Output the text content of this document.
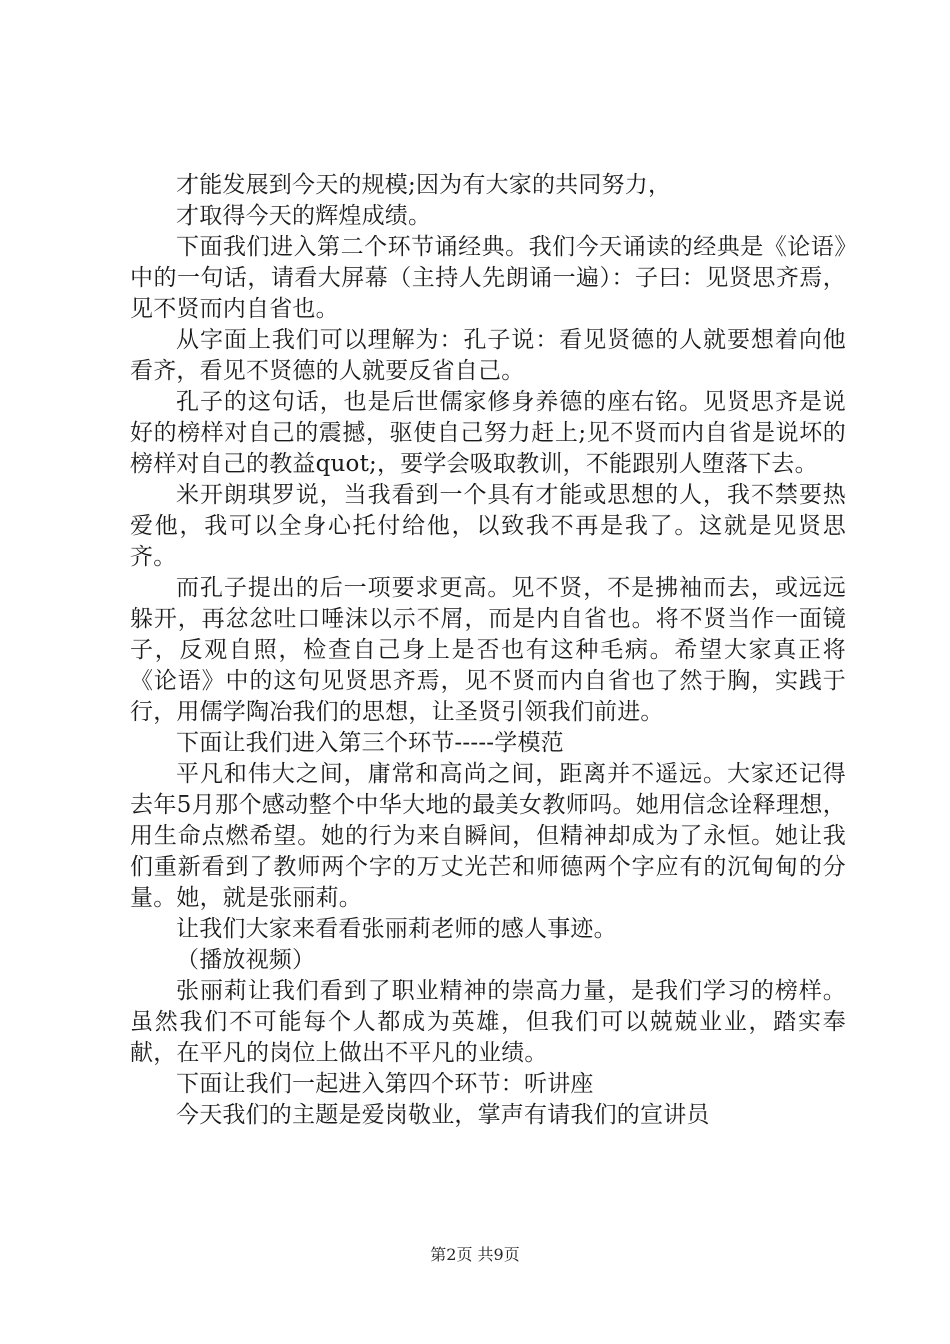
才能发展到今天的规模;因为有大家的共同努力，

才取得今天的辉煌成绩。

下面我们进入第二个环节诵经典。我们今天诵读的经典是《论语》中的一句话，请看大屏幕（主持人先朗诵一遍）：子曰：见贤思齐焉，见不贤而内自省也。

从字面上我们可以理解为：孔子说：看见贤德的人就要想着向他看齐，看见不贤德的人就要反省自己。

孔子的这句话，也是后世儒家修身养德的座右铭。见贤思齐是说好的榜样对自己的震撼，驱使自己努力赶上;见不贤而内自省是说坏的榜样对自己的教益quot;，要学会吸取教训，不能跟别人堕落下去。

米开朗琪罗说，当我看到一个具有才能或思想的人，我不禁要热爱他，我可以全身心托付给他，以致我不再是我了。这就是见贤思齐。

而孔子提出的后一项要求更高。见不贤，不是拂袖而去，或远远躲开，再忿忿吐口唾沫以示不屑，而是内自省也。将不贤当作一面镜子，反观自照，检查自己身上是否也有这种毛病。希望大家真正将《论语》中的这句见贤思齐焉，见不贤而内自省也了然于胸，实践于行，用儒学陶冶我们的思想，让圣贤引领我们前进。

下面让我们进入第三个环节-----学模范

平凡和伟大之间，庸常和高尚之间，距离并不遥远。大家还记得去年5月那个感动整个中华大地的最美女教师吗。她用信念诠释理想，用生命点燃希望。她的行为来自瞬间，但精神却成为了永恒。她让我们重新看到了教师两个字的万丈光芒和师德两个字应有的沉甸甸的分量。她，就是张丽莉。

让我们大家来看看张丽莉老师的感人事迹。

（播放视频）

张丽莉让我们看到了职业精神的崇高力量，是我们学习的榜样。虽然我们不可能每个人都成为英雄，但我们可以兢兢业业，踏实奉献，在平凡的岗位上做出不平凡的业绩。

下面让我们一起进入第四个环节：听讲座

今天我们的主题是爱岗敬业，掌声有请我们的宣讲员

第2页 共9页
